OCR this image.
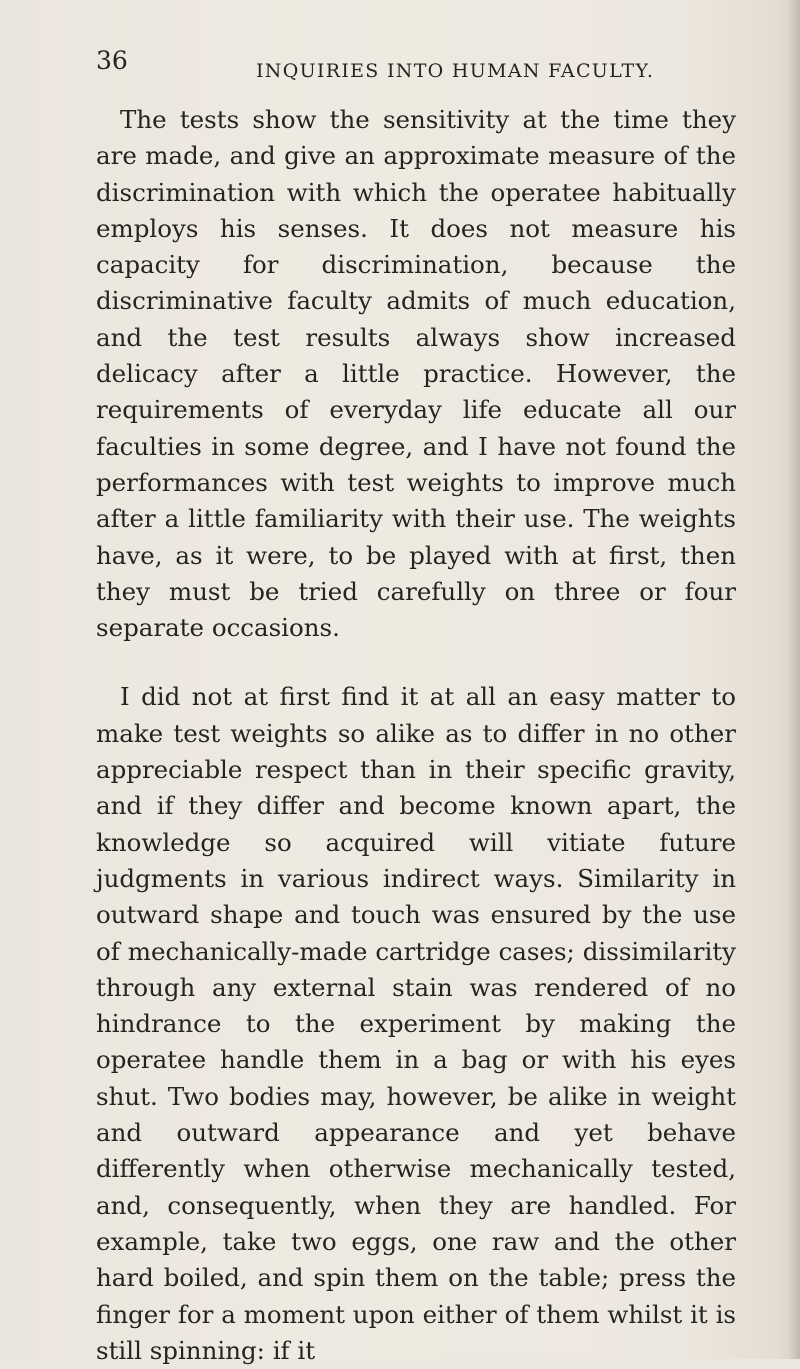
36	INQUIRIES INTO HUMAN FACULTY.

The tests show the sensitivity at the time they are made, and give an approximate measure of the discrimination with which the operatee habitually employs his senses. It does not measure his capacity for discrimination, because the discriminative faculty admits of much education, and the test results always show increased delicacy after a little practice. However, the requirements of everyday life educate all our faculties in some degree, and I have not found the performances with test weights to improve much after a little familiarity with their use. The weights have, as it were, to be played with at first, then they must be tried carefully on three or four separate occasions.

I did not at first find it at all an easy matter to make test weights so alike as to differ in no other appreciable respect than in their specific gravity, and if they differ and become known apart, the knowledge so acquired will vitiate future judgments in various indirect ways. Similarity in outward shape and touch was ensured by the use of mechanically-made cartridge cases; dissimilarity through any external stain was rendered of no hindrance to the experiment by making the operatee handle them in a bag or with his eyes shut. Two bodies may, however, be alike in weight and outward appearance and yet behave differently when otherwise mechanically tested, and, consequently, when they are handled. For example, take two eggs, one raw and the other hard boiled, and spin them on the table; press the finger for a moment upon either of them whilst it is still spinning: if it
